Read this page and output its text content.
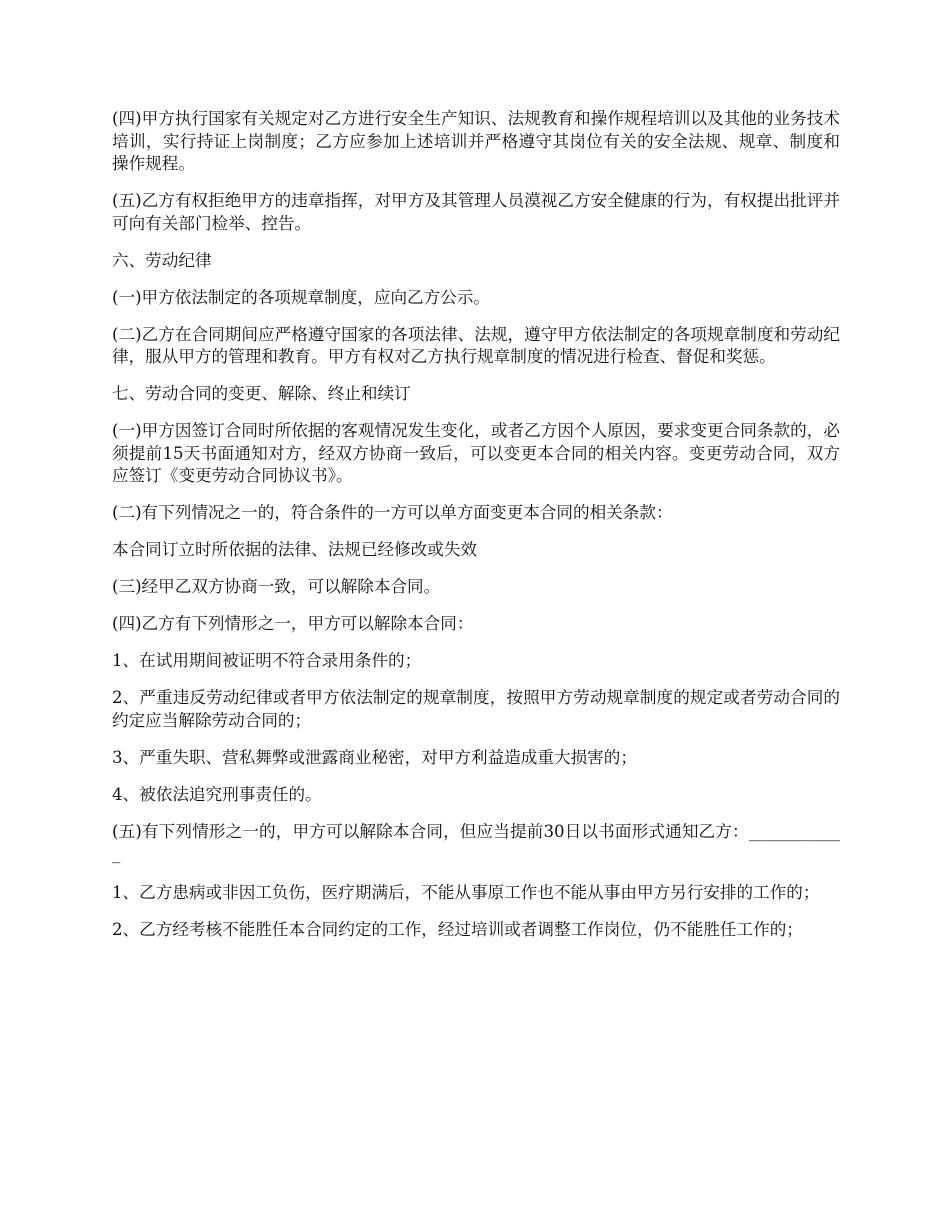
(四)甲方执行国家有关规定对乙方进行安全生产知识、法规教育和操作规程培训以及其他的业务技术培训，实行持证上岗制度；乙方应参加上述培训并严格遵守其岗位有关的安全法规、规章、制度和操作规程。

(五)乙方有权拒绝甲方的违章指挥，对甲方及其管理人员漠视乙方安全健康的行为，有权提出批评并可向有关部门检举、控告。

六、劳动纪律

(一)甲方依法制定的各项规章制度，应向乙方公示。

(二)乙方在合同期间应严格遵守国家的各项法律、法规，遵守甲方依法制定的各项规章制度和劳动纪律，服从甲方的管理和教育。甲方有权对乙方执行规章制度的情况进行检查、督促和奖惩。

七、劳动合同的变更、解除、终止和续订

(一)甲方因签订合同时所依据的客观情况发生变化，或者乙方因个人原因，要求变更合同条款的，必须提前15天书面通知对方，经双方协商一致后，可以变更本合同的相关内容。变更劳动合同，双方应签订《变更劳动合同协议书》。

(二)有下列情况之一的，符合条件的一方可以单方面变更本合同的相关条款：

本合同订立时所依据的法律、法规已经修改或失效

(三)经甲乙双方协商一致，可以解除本合同。

(四)乙方有下列情形之一，甲方可以解除本合同：

1、在试用期间被证明不符合录用条件的；

2、严重违反劳动纪律或者甲方依法制定的规章制度，按照甲方劳动规章制度的规定或者劳动合同的约定应当解除劳动合同的；

3、严重失职、营私舞弊或泄露商业秘密，对甲方利益造成重大损害的；

4、被依法追究刑事责任的。

(五)有下列情形之一的，甲方可以解除本合同，但应当提前30日以书面形式通知乙方：____________

1、乙方患病或非因工负伤，医疗期满后，不能从事原工作也不能从事由甲方另行安排的工作的；

2、乙方经考核不能胜任本合同约定的工作，经过培训或者调整工作岗位，仍不能胜任工作的；
